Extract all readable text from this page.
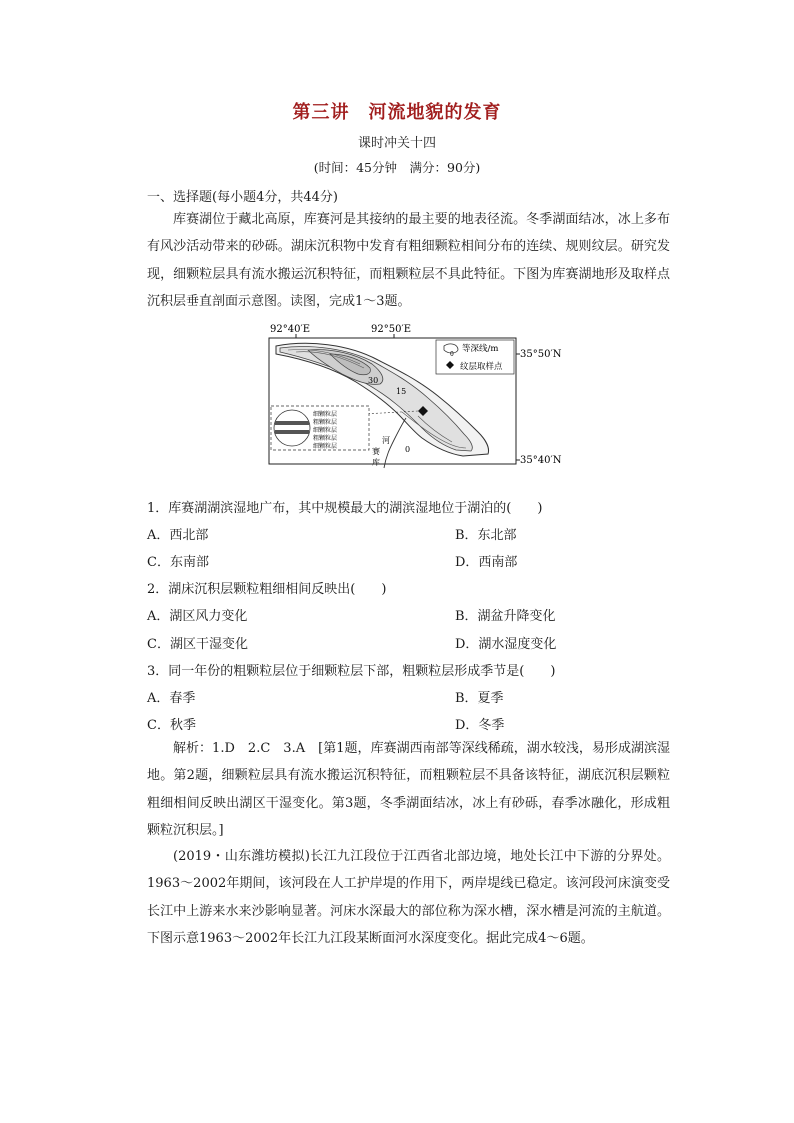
第三讲　河流地貌的发育
课时冲关十四
(时间：45分钟　满分：90分)
一、选择题(每小题4分，共44分)
库赛湖位于藏北高原，库赛河是其接纳的最主要的地表径流。冬季湖面结冰，冰上多布有风沙活动带来的砂砾。湖床沉积物中发育有粗细颗粒相间分布的连续、规则纹层。研究发现，细颗粒层具有流水搬运沉积特征，而粗颗粒层不具此特征。下图为库赛湖地形及取样点沉积层垂直剖面示意图。读图，完成1～3题。
92°40′E	92°50′E
30
15
0
河
赛
库
细颗粒层
粗颗粒层
细颗粒层
粗颗粒层
细颗粒层
0
等深线/m
纹层取样点
35°50′N
35°40′N
1．库赛湖湖滨湿地广布，其中规模最大的湖滨湿地位于湖泊的(　　)
A．西北部	B．东北部
C．东南部	D．西南部
2．湖床沉积层颗粒粗细相间反映出(　　)
A．湖区风力变化	B．湖盆升降变化
C．湖区干湿变化	D．湖水湿度变化
3．同一年份的粗颗粒层位于细颗粒层下部，粗颗粒层形成季节是(　　)
A．春季	B．夏季
C．秋季	D．冬季
解析：1.D　2.C　3.A　[第1题，库赛湖西南部等深线稀疏，湖水较浅，易形成湖滨湿地。第2题，细颗粒层具有流水搬运沉积特征，而粗颗粒层不具备该特征，湖底沉积层颗粒粗细相间反映出湖区干湿变化。第3题，冬季湖面结冰，冰上有砂砾，春季冰融化，形成粗颗粒沉积层。]
(2019・山东潍坊模拟)长江九江段位于江西省北部边境，地处长江中下游的分界处。1963～2002年期间，该河段在人工护岸堤的作用下，两岸堤线已稳定。该河段河床演变受长江中上游来水来沙影响显著。河床水深最大的部位称为深水槽，深水槽是河流的主航道。下图示意1963～2002年长江九江段某断面河水深度变化。据此完成4～6题。
